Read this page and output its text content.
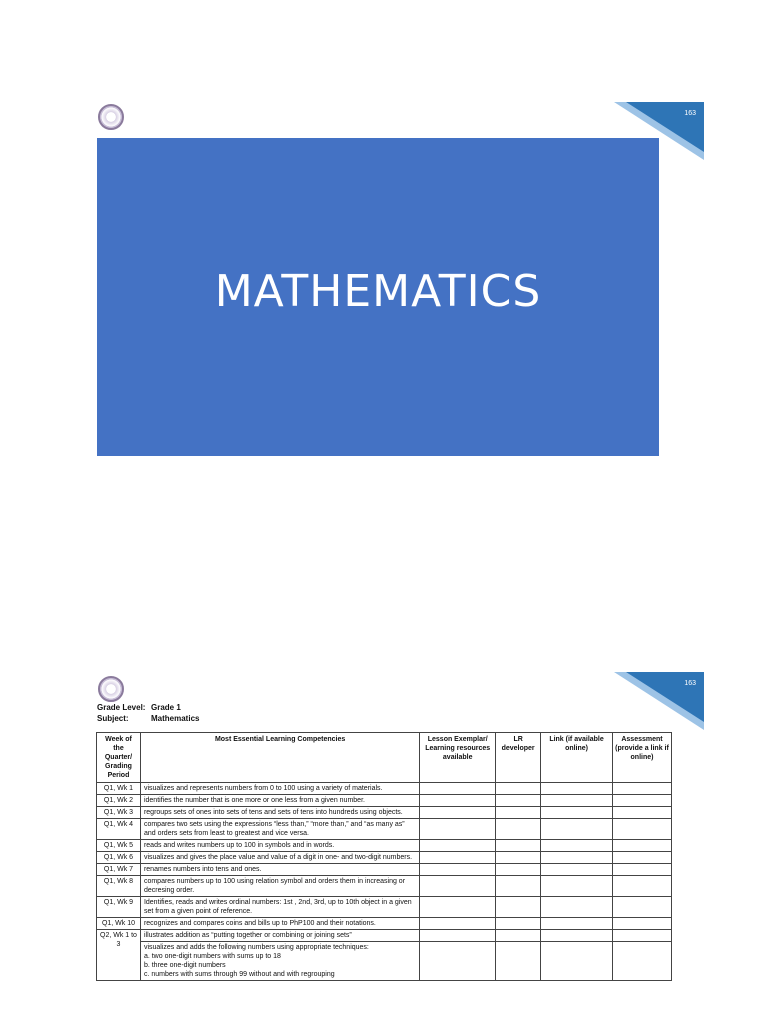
163
MATHEMATICS
163
Grade Level: Grade 1
Subject:	Mathematics
Week of the Quarter/ Grading Period	Most Essential Learning Competencies	Lesson Exemplar/ Learning resources available	LR developer	Link (if available online)	Assessment (provide a link if online)
Q1, Wk 1	visualizes and represents numbers from 0 to 100 using a variety of materials.				
Q1, Wk 2	identifies the number that is one more or one less from a given number.				
Q1, Wk 3	regroups sets of ones into sets of tens and sets of tens into hundreds using objects.				
Q1, Wk 4	compares two sets using the expressions “less than,” “more than,” and “as many as” and orders sets from least to greatest and vice versa.				
Q1, Wk 5	reads and writes numbers up to 100 in symbols and in words.				
Q1, Wk 6	visualizes and gives the place value and value of a digit in one- and two-digit numbers.				
Q1, Wk 7	renames numbers into tens and ones.				
Q1, Wk 8	compares numbers up to 100 using relation symbol and orders them in increasing or decresing order.				
Q1, Wk 9	Identifies, reads and writes ordinal numbers: 1st , 2nd, 3rd, up to 10th object in a given set from a given point of reference.				
Q1, Wk 10	recognizes and compares coins and bills up to PhP100 and their notations.				
Q2, Wk 1 to 3	illustrates addition as “putting together or combining or joining sets”				

	visualizes and adds the following numbers using appropriate techniques:
a. two one-digit numbers with sums up to 18
b. three one-digit numbers
c. numbers with sums through 99 without and with regrouping				
